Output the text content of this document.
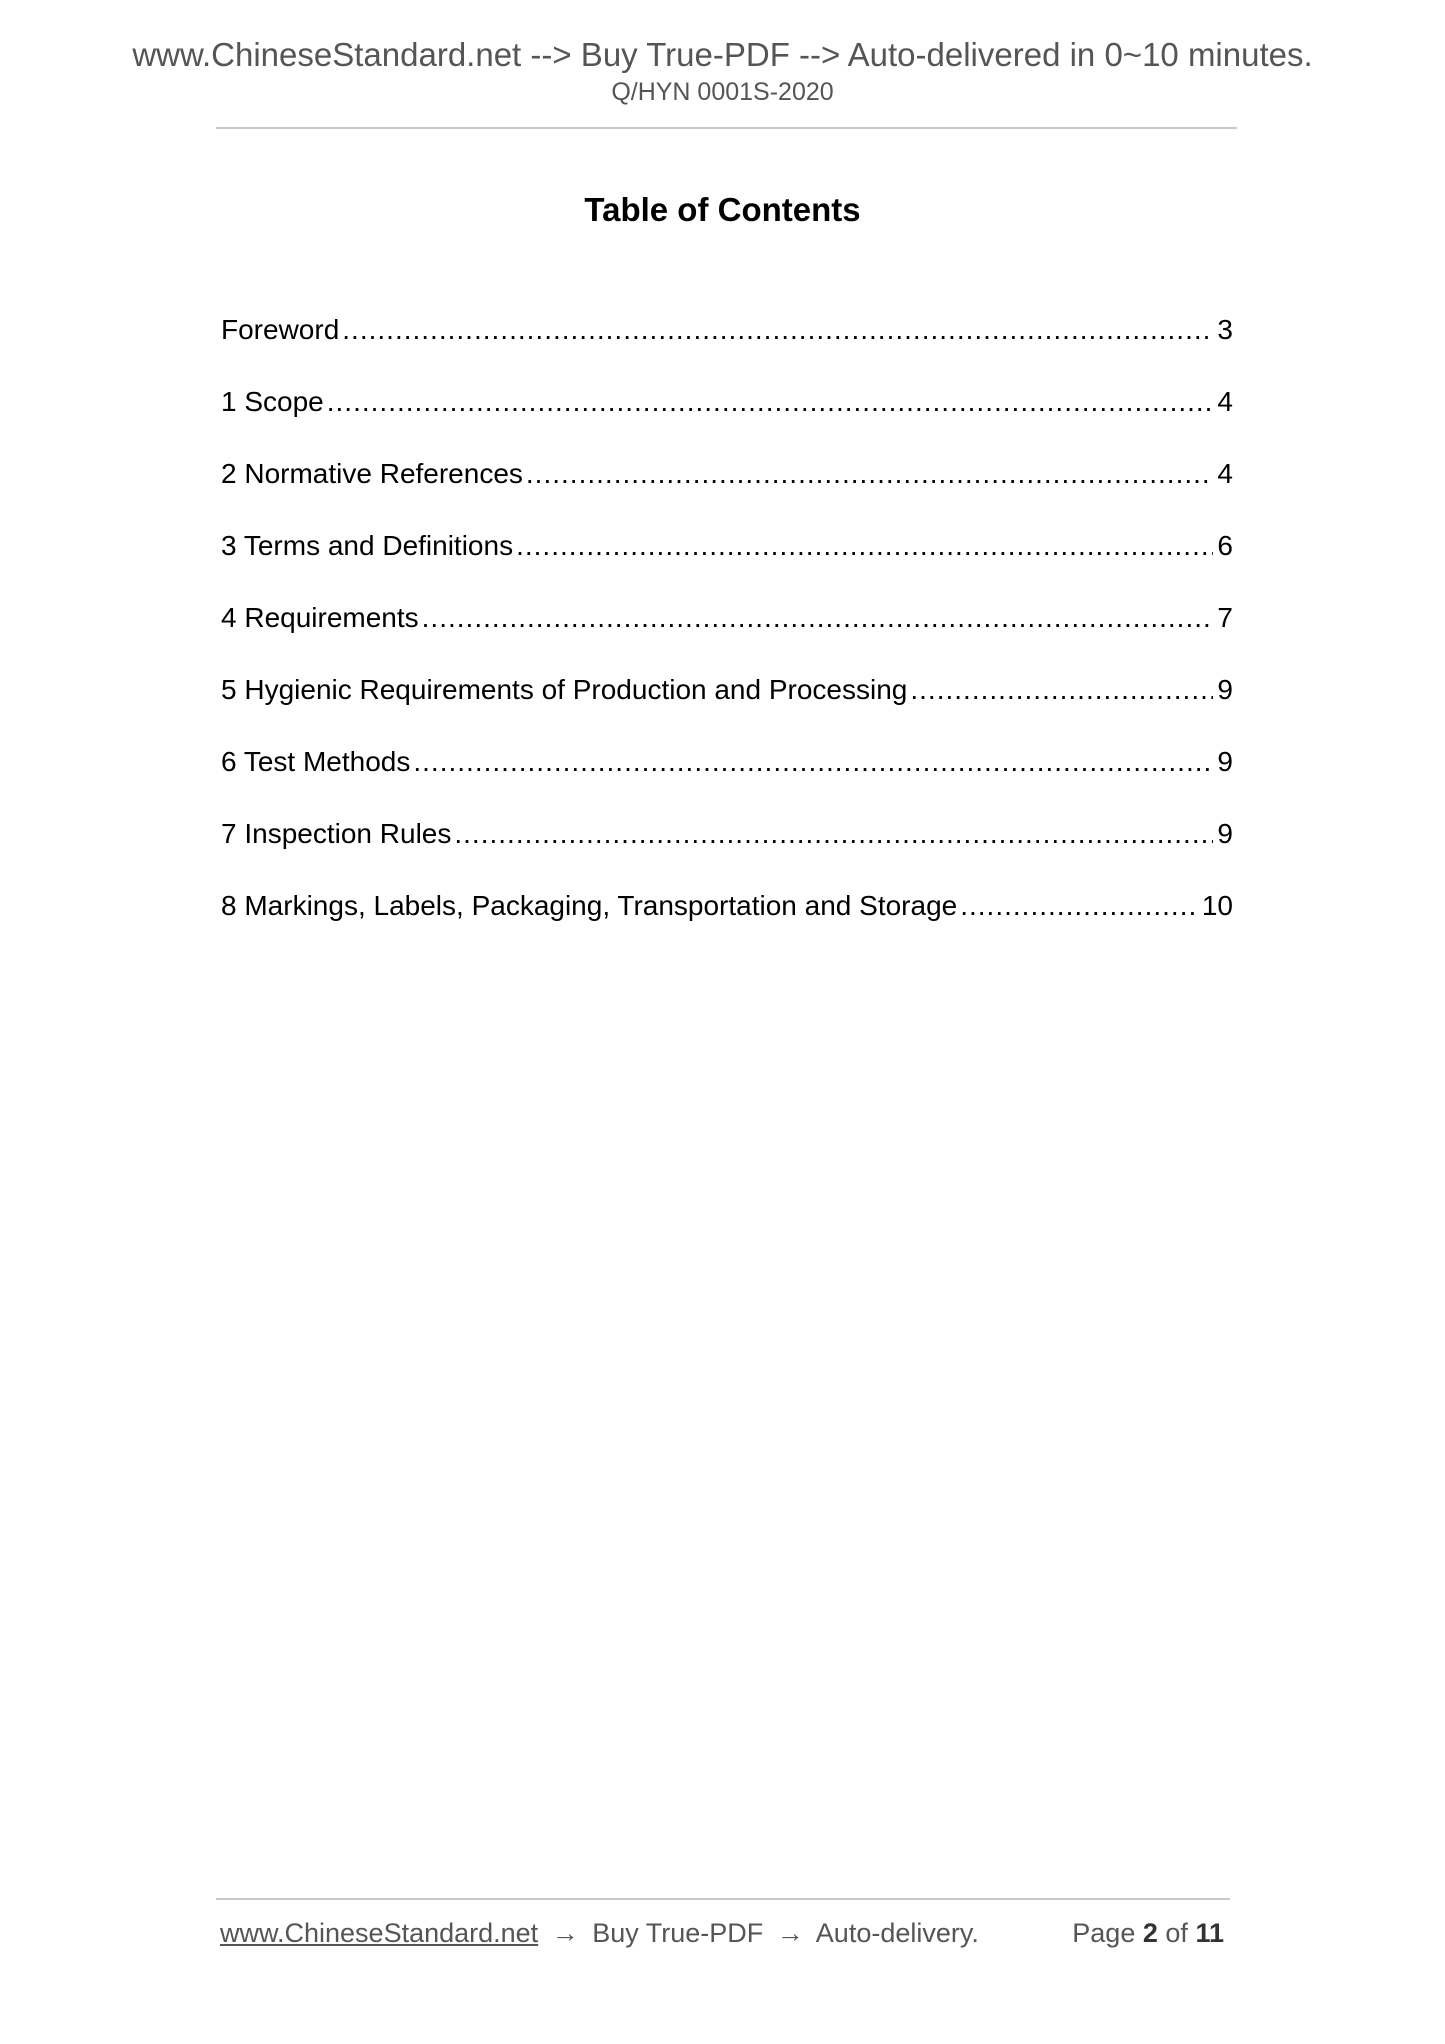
www.ChineseStandard.net --> Buy True-PDF --> Auto-delivered in 0~10 minutes.
Q/HYN 0001S-2020
Table of Contents
Foreword .....	3
1 Scope .....	4
2 Normative References .....	4
3 Terms and Definitions .....	6
4 Requirements .....	7
5 Hygienic Requirements of Production and Processing .....	9
6 Test Methods .....	9
7 Inspection Rules .....	9
8 Markings, Labels, Packaging, Transportation and Storage .....	10
www.ChineseStandard.net → Buy True-PDF → Auto-delivery.	Page 2 of 11
